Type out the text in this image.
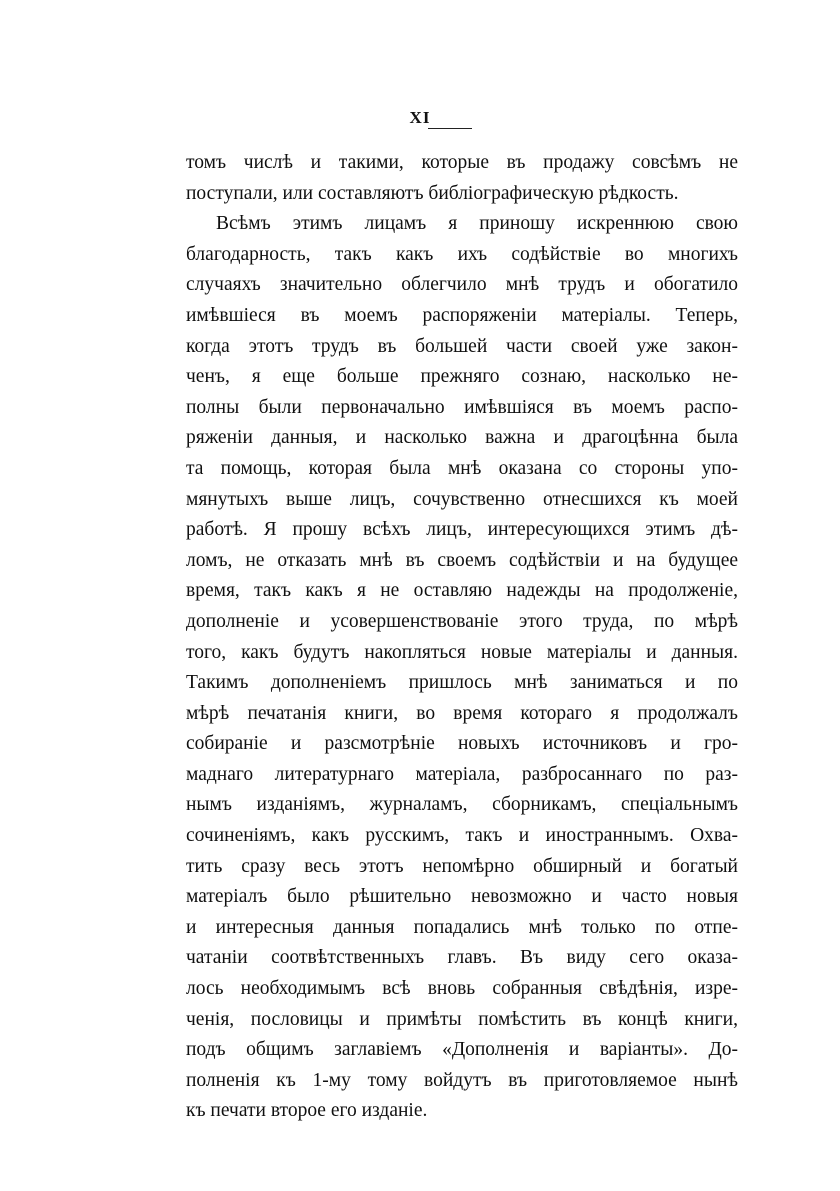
XI
томъ числѣ и такими, которые въ продажу совсѣмъ не
поступали, или составляютъ библіографическую рѣдкость.
Всѣмъ этимъ лицамъ я приношу искреннюю свою
благодарность, такъ какъ ихъ содѣйствіе во многихъ
случаяхъ значительно облегчило мнѣ трудъ и обогатило
имѣвшіеся въ моемъ распоряженіи матеріалы. Теперь,
когда этотъ трудъ въ большей части своей уже закон-
ченъ, я еще больше прежняго сознаю, насколько не-
полны были первоначально имѣвшіяся въ моемъ распо-
ряженіи данныя, и насколько важна и драгоцѣнна была
та помощь, которая была мнѣ оказана со стороны упо-
мянутыхъ выше лицъ, сочувственно отнесшихся къ моей
работѣ. Я прошу всѣхъ лицъ, интересующихся этимъ дѣ-
ломъ, не отказать мнѣ въ своемъ содѣйствіи и на будущее
время, такъ какъ я не оставляю надежды на продолженіе,
дополненіе и усовершенствованіе этого труда, по мѣрѣ
того, какъ будутъ накопляться новые матеріалы и данныя.
Такимъ дополненіемъ пришлось мнѣ заниматься и по
мѣрѣ печатанія книги, во время котораго я продолжалъ
собираніе и разсмотрѣніе новыхъ источниковъ и гро-
маднаго литературнаго матеріала, разбросаннаго по раз-
нымъ изданіямъ, журналамъ, сборникамъ, спеціальнымъ
сочиненіямъ, какъ русскимъ, такъ и иностраннымъ. Охва-
тить сразу весь этотъ непомѣрно обширный и богатый
матеріалъ было рѣшительно невозможно и часто новыя
и интересныя данныя попадались мнѣ только по отпе-
чатаніи соотвѣтственныхъ главъ. Въ виду сего оказа-
лось необходимымъ всѣ вновь собранныя свѣдѣнія, изре-
ченія, пословицы и примѣты помѣстить въ концѣ книги,
подъ общимъ заглавіемъ «Дополненія и варіанты». До-
полненія къ 1-му тому войдутъ въ приготовляемое нынѣ
къ печати второе его изданіе.
